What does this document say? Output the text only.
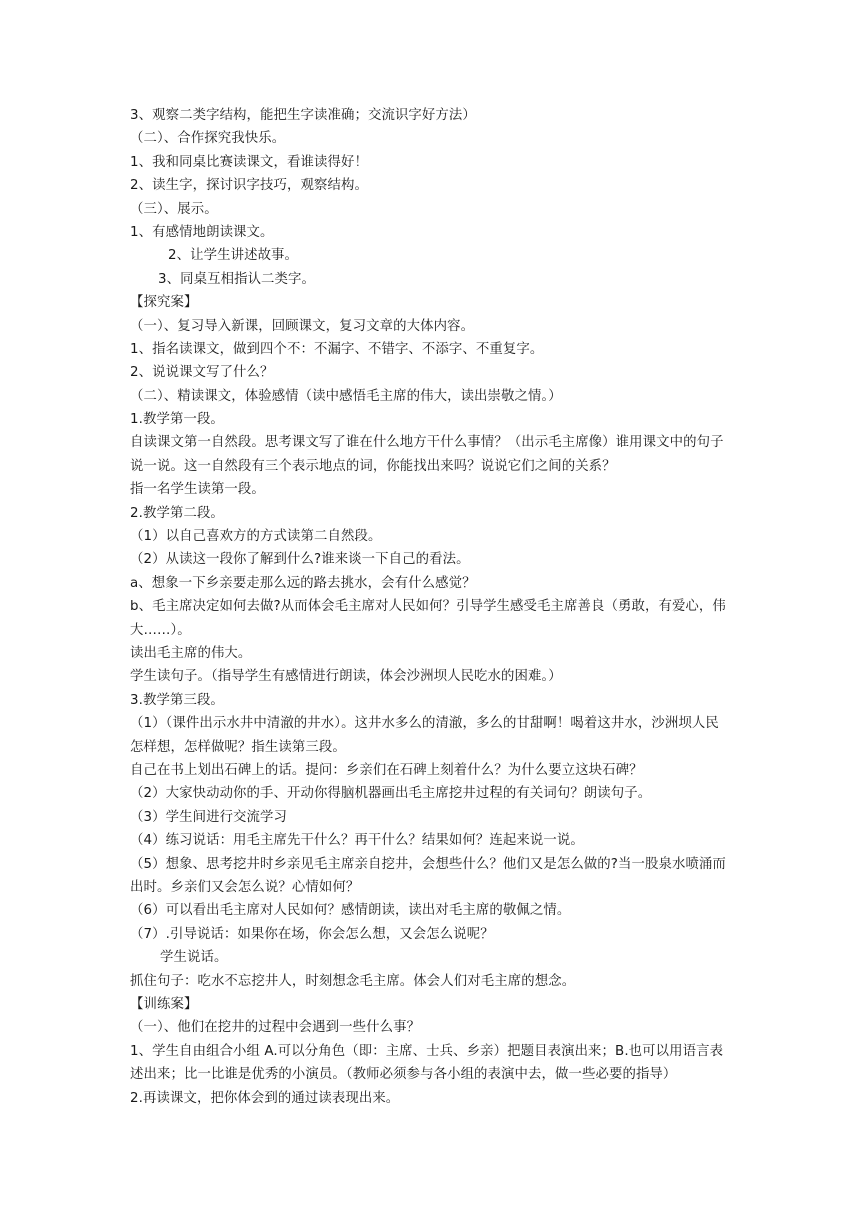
3、观察二类字结构，能把生字读准确；交流识字好方法）
（二）、合作探究我快乐。
1、我和同桌比赛读课文，看谁读得好！
2、读生字，探讨识字技巧，观察结构。
（三）、展示。
1、有感情地朗读课文。
2、让学生讲述故事。
3、同桌互相指认二类字。
【探究案】
（一）、复习导入新课，回顾课文，复习文章的大体内容。
1、指名读课文，做到四个不：不漏字、不错字、不添字、不重复字。
2、说说课文写了什么？
（二）、精读课文，体验感情（读中感悟毛主席的伟大，读出崇敬之情。）
1.教学第一段。
自读课文第一自然段。思考课文写了谁在什么地方干什么事情？（出示毛主席像）谁用课文中的句子说一说。这一自然段有三个表示地点的词，你能找出来吗？说说它们之间的关系？
指一名学生读第一段。
2.教学第二段。
（1）以自己喜欢方的方式读第二自然段。
（2）从读这一段你了解到什么?谁来谈一下自己的看法。
a、想象一下乡亲要走那么远的路去挑水，会有什么感觉？
b、毛主席决定如何去做?从而体会毛主席对人民如何？引导学生感受毛主席善良（勇敢，有爱心，伟大……）。
读出毛主席的伟大。
学生读句子。（指导学生有感情进行朗读，体会沙洲坝人民吃水的困难。）
3.教学第三段。
（1）（课件出示水井中清澈的井水）。这井水多么的清澈，多么的甘甜啊！喝着这井水，沙洲坝人民怎样想，怎样做呢？指生读第三段。
自己在书上划出石碑上的话。提问：乡亲们在石碑上刻着什么？为什么要立这块石碑？
（2）大家快动动你的手、开动你得脑机器画出毛主席挖井过程的有关词句？朗读句子。
（3）学生间进行交流学习
（4）练习说话：用毛主席先干什么？再干什么？结果如何？连起来说一说。
（5）想象、思考挖井时乡亲见毛主席亲自挖井，会想些什么？他们又是怎么做的?当一股泉水喷涌而出时。乡亲们又会怎么说？心情如何？
（6）可以看出毛主席对人民如何？感情朗读，读出对毛主席的敬佩之情。
（7）.引导说话：如果你在场，你会怎么想，又会怎么说呢？
学生说话。
抓住句子：吃水不忘挖井人，时刻想念毛主席。体会人们对毛主席的想念。
【训练案】
（一）、他们在挖井的过程中会遇到一些什么事？
1、学生自由组合小组 A.可以分角色（即：主席、士兵、乡亲）把题目表演出来；B.也可以用语言表述出来；比一比谁是优秀的小演员。（教师必须参与各小组的表演中去，做一些必要的指导）
2.再读课文，把你体会到的通过读表现出来。
